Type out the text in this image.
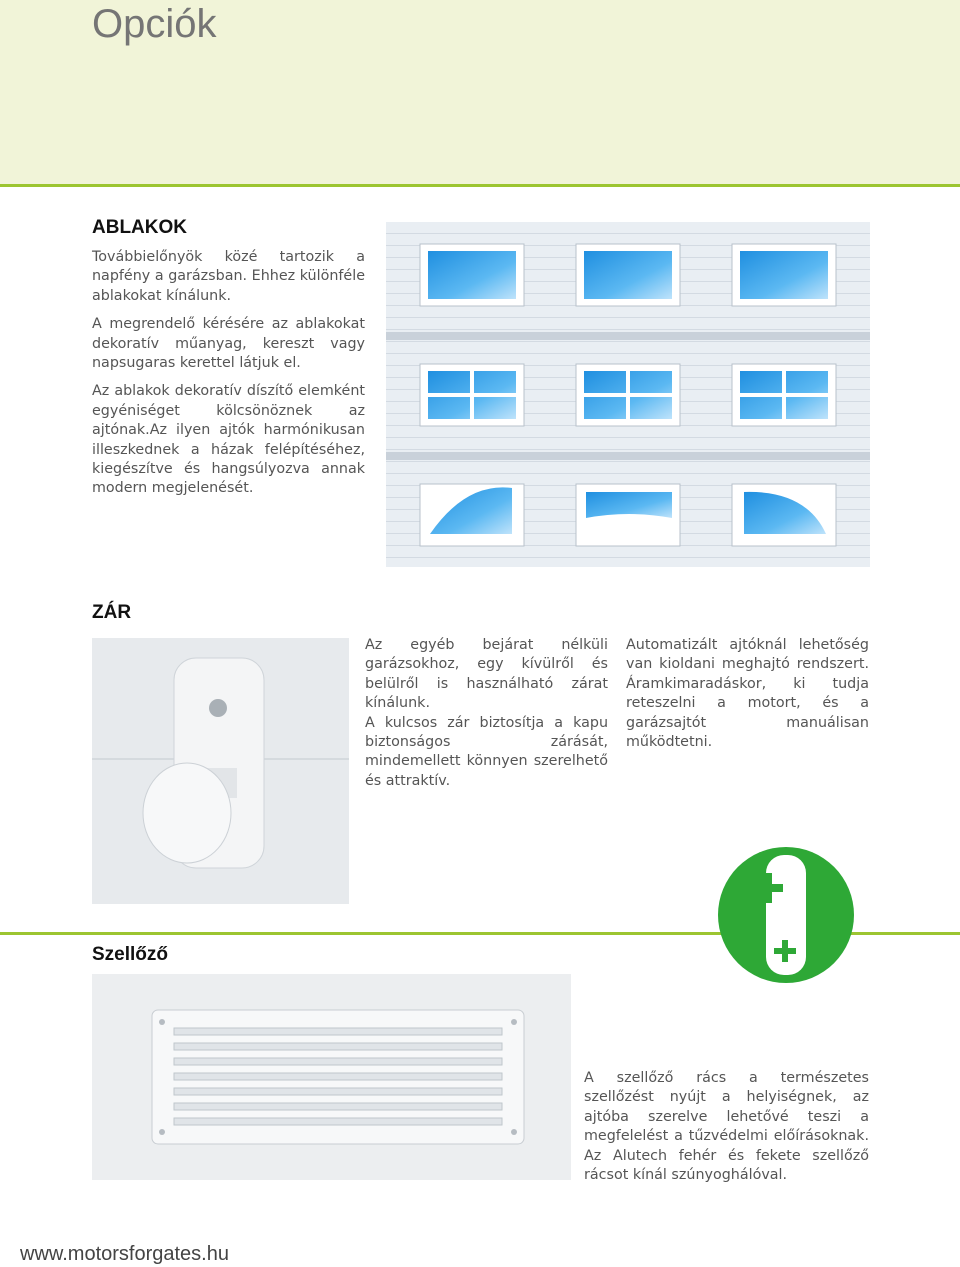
Opciók
ABLAKOK

Továbbielőnyök közé tartozik a napfény a garázsban. Ehhez különféle ablakokat kínálunk.

A megrendelő kérésére az ablakokat dekoratív műanyag, kereszt vagy napsugaras kerettel látjuk el.

Az ablakok dekoratív díszítő elemként egyéniséget kölcsönöznek az ajtónak.Az ilyen ajtók harmónikusan illeszkednek a házak felépítéséhez, kiegészítve és hangsúlyozva annak modern megjelenését.

ZÁR

Az egyéb bejárat nélküli garázsokhoz, egy kívülről és belülről is használható zárat kínálunk.

A kulcsos zár biztosítja a kapu biztonságos zárását, mindemellett könnyen szerelhető és attraktív.

Automatizált ajtóknál lehetőség van kioldani meghajtó rendszert. Áramkimaradáskor, ki tudja reteszelni a motort, és a garázsajtót manuálisan működtetni.

Szellőző

A szellőző rács a természetes szellőzést nyújt a helyiségnek, az ajtóba szerelve lehetővé teszi a megfelelést a tűzvédelmi előírásoknak. Az Alutech fehér és fekete szellőző rácsot kínál szúnyoghálóval.

www.motorsforgates.hu
